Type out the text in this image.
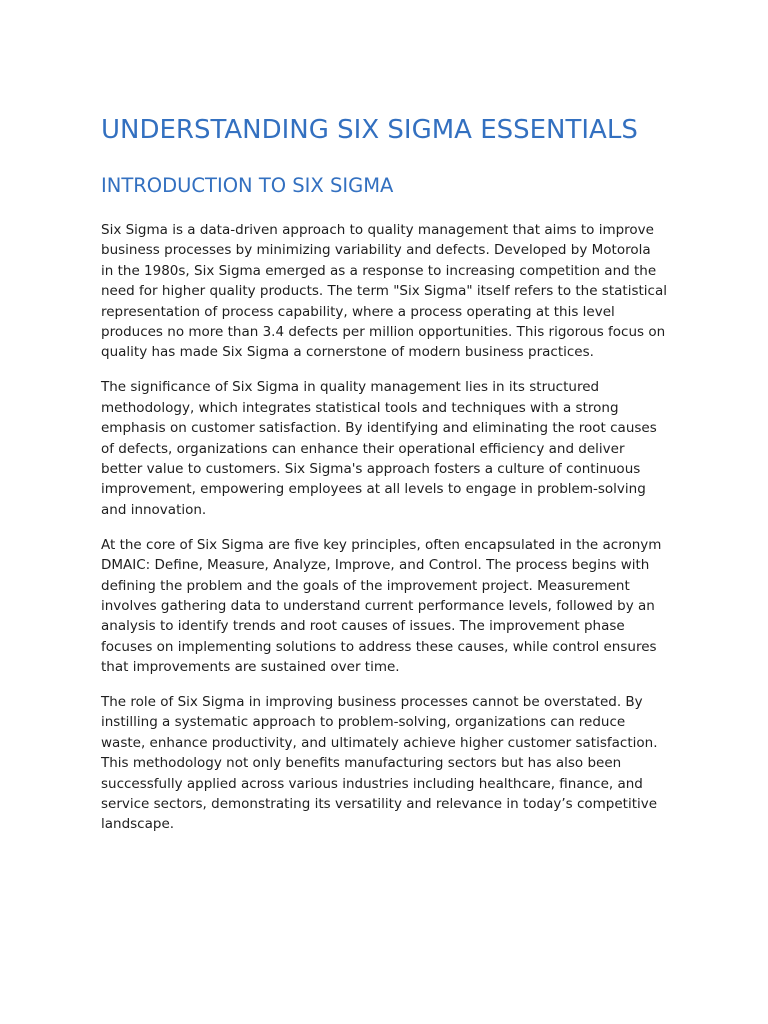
UNDERSTANDING SIX SIGMA ESSENTIALS
INTRODUCTION TO SIX SIGMA

Six Sigma is a data-driven approach to quality management that aims to improve business processes by minimizing variability and defects. Developed by Motorola in the 1980s, Six Sigma emerged as a response to increasing competition and the need for higher quality products. The term "Six Sigma" itself refers to the statistical representation of process capability, where a process operating at this level produces no more than 3.4 defects per million opportunities. This rigorous focus on quality has made Six Sigma a cornerstone of modern business practices.

The significance of Six Sigma in quality management lies in its structured methodology, which integrates statistical tools and techniques with a strong emphasis on customer satisfaction. By identifying and eliminating the root causes of defects, organizations can enhance their operational efficiency and deliver better value to customers. Six Sigma's approach fosters a culture of continuous improvement, empowering employees at all levels to engage in problem-solving and innovation.

At the core of Six Sigma are five key principles, often encapsulated in the acronym DMAIC: Define, Measure, Analyze, Improve, and Control. The process begins with defining the problem and the goals of the improvement project. Measurement involves gathering data to understand current performance levels, followed by an analysis to identify trends and root causes of issues. The improvement phase focuses on implementing solutions to address these causes, while control ensures that improvements are sustained over time.

The role of Six Sigma in improving business processes cannot be overstated. By instilling a systematic approach to problem-solving, organizations can reduce waste, enhance productivity, and ultimately achieve higher customer satisfaction. This methodology not only benefits manufacturing sectors but has also been successfully applied across various industries including healthcare, finance, and service sectors, demonstrating its versatility and relevance in today’s competitive landscape.
